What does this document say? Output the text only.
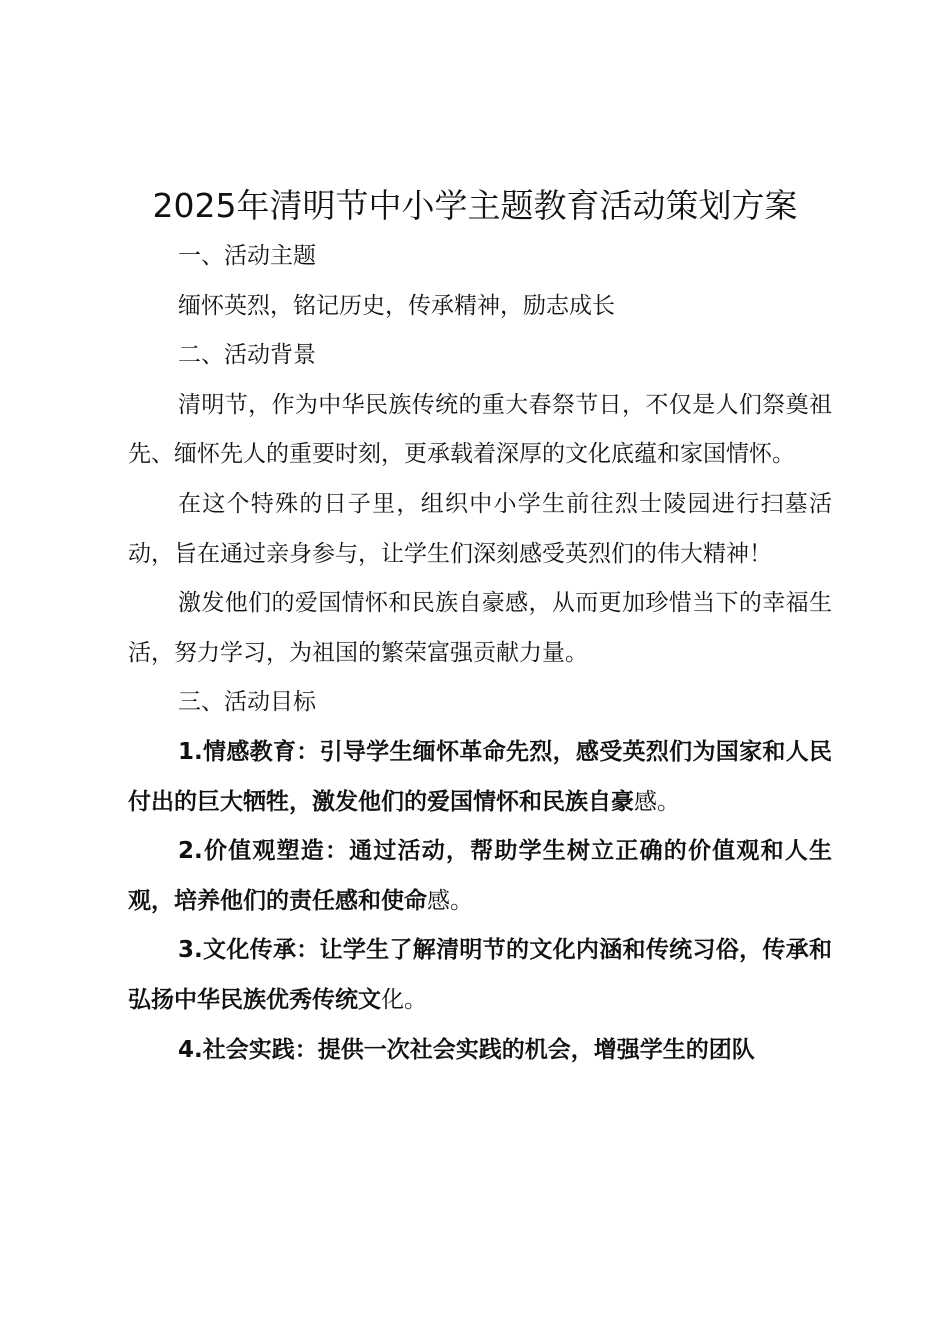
2025年清明节中小学主题教育活动策划方案

一、活动主题

缅怀英烈，铭记历史，传承精神，励志成长

二、活动背景

清明节，作为中华民族传统的重大春祭节日，不仅是人们祭奠祖先、缅怀先人的重要时刻，更承载着深厚的文化底蕴和家国情怀。

在这个特殊的日子里，组织中小学生前往烈士陵园进行扫墓活动，旨在通过亲身参与，让学生们深刻感受英烈们的伟大精神！

激发他们的爱国情怀和民族自豪感，从而更加珍惜当下的幸福生活，努力学习，为祖国的繁荣富强贡献力量。

三、活动目标

1.情感教育：引导学生缅怀革命先烈，感受英烈们为国家和人民付出的巨大牺牲，激发他们的爱国情怀和民族自豪感。

2.价值观塑造：通过活动，帮助学生树立正确的价值观和人生观，培养他们的责任感和使命感。

3.文化传承：让学生了解清明节的文化内涵和传统习俗，传承和弘扬中华民族优秀传统文化。

4.社会实践：提供一次社会实践的机会，增强学生的团队
